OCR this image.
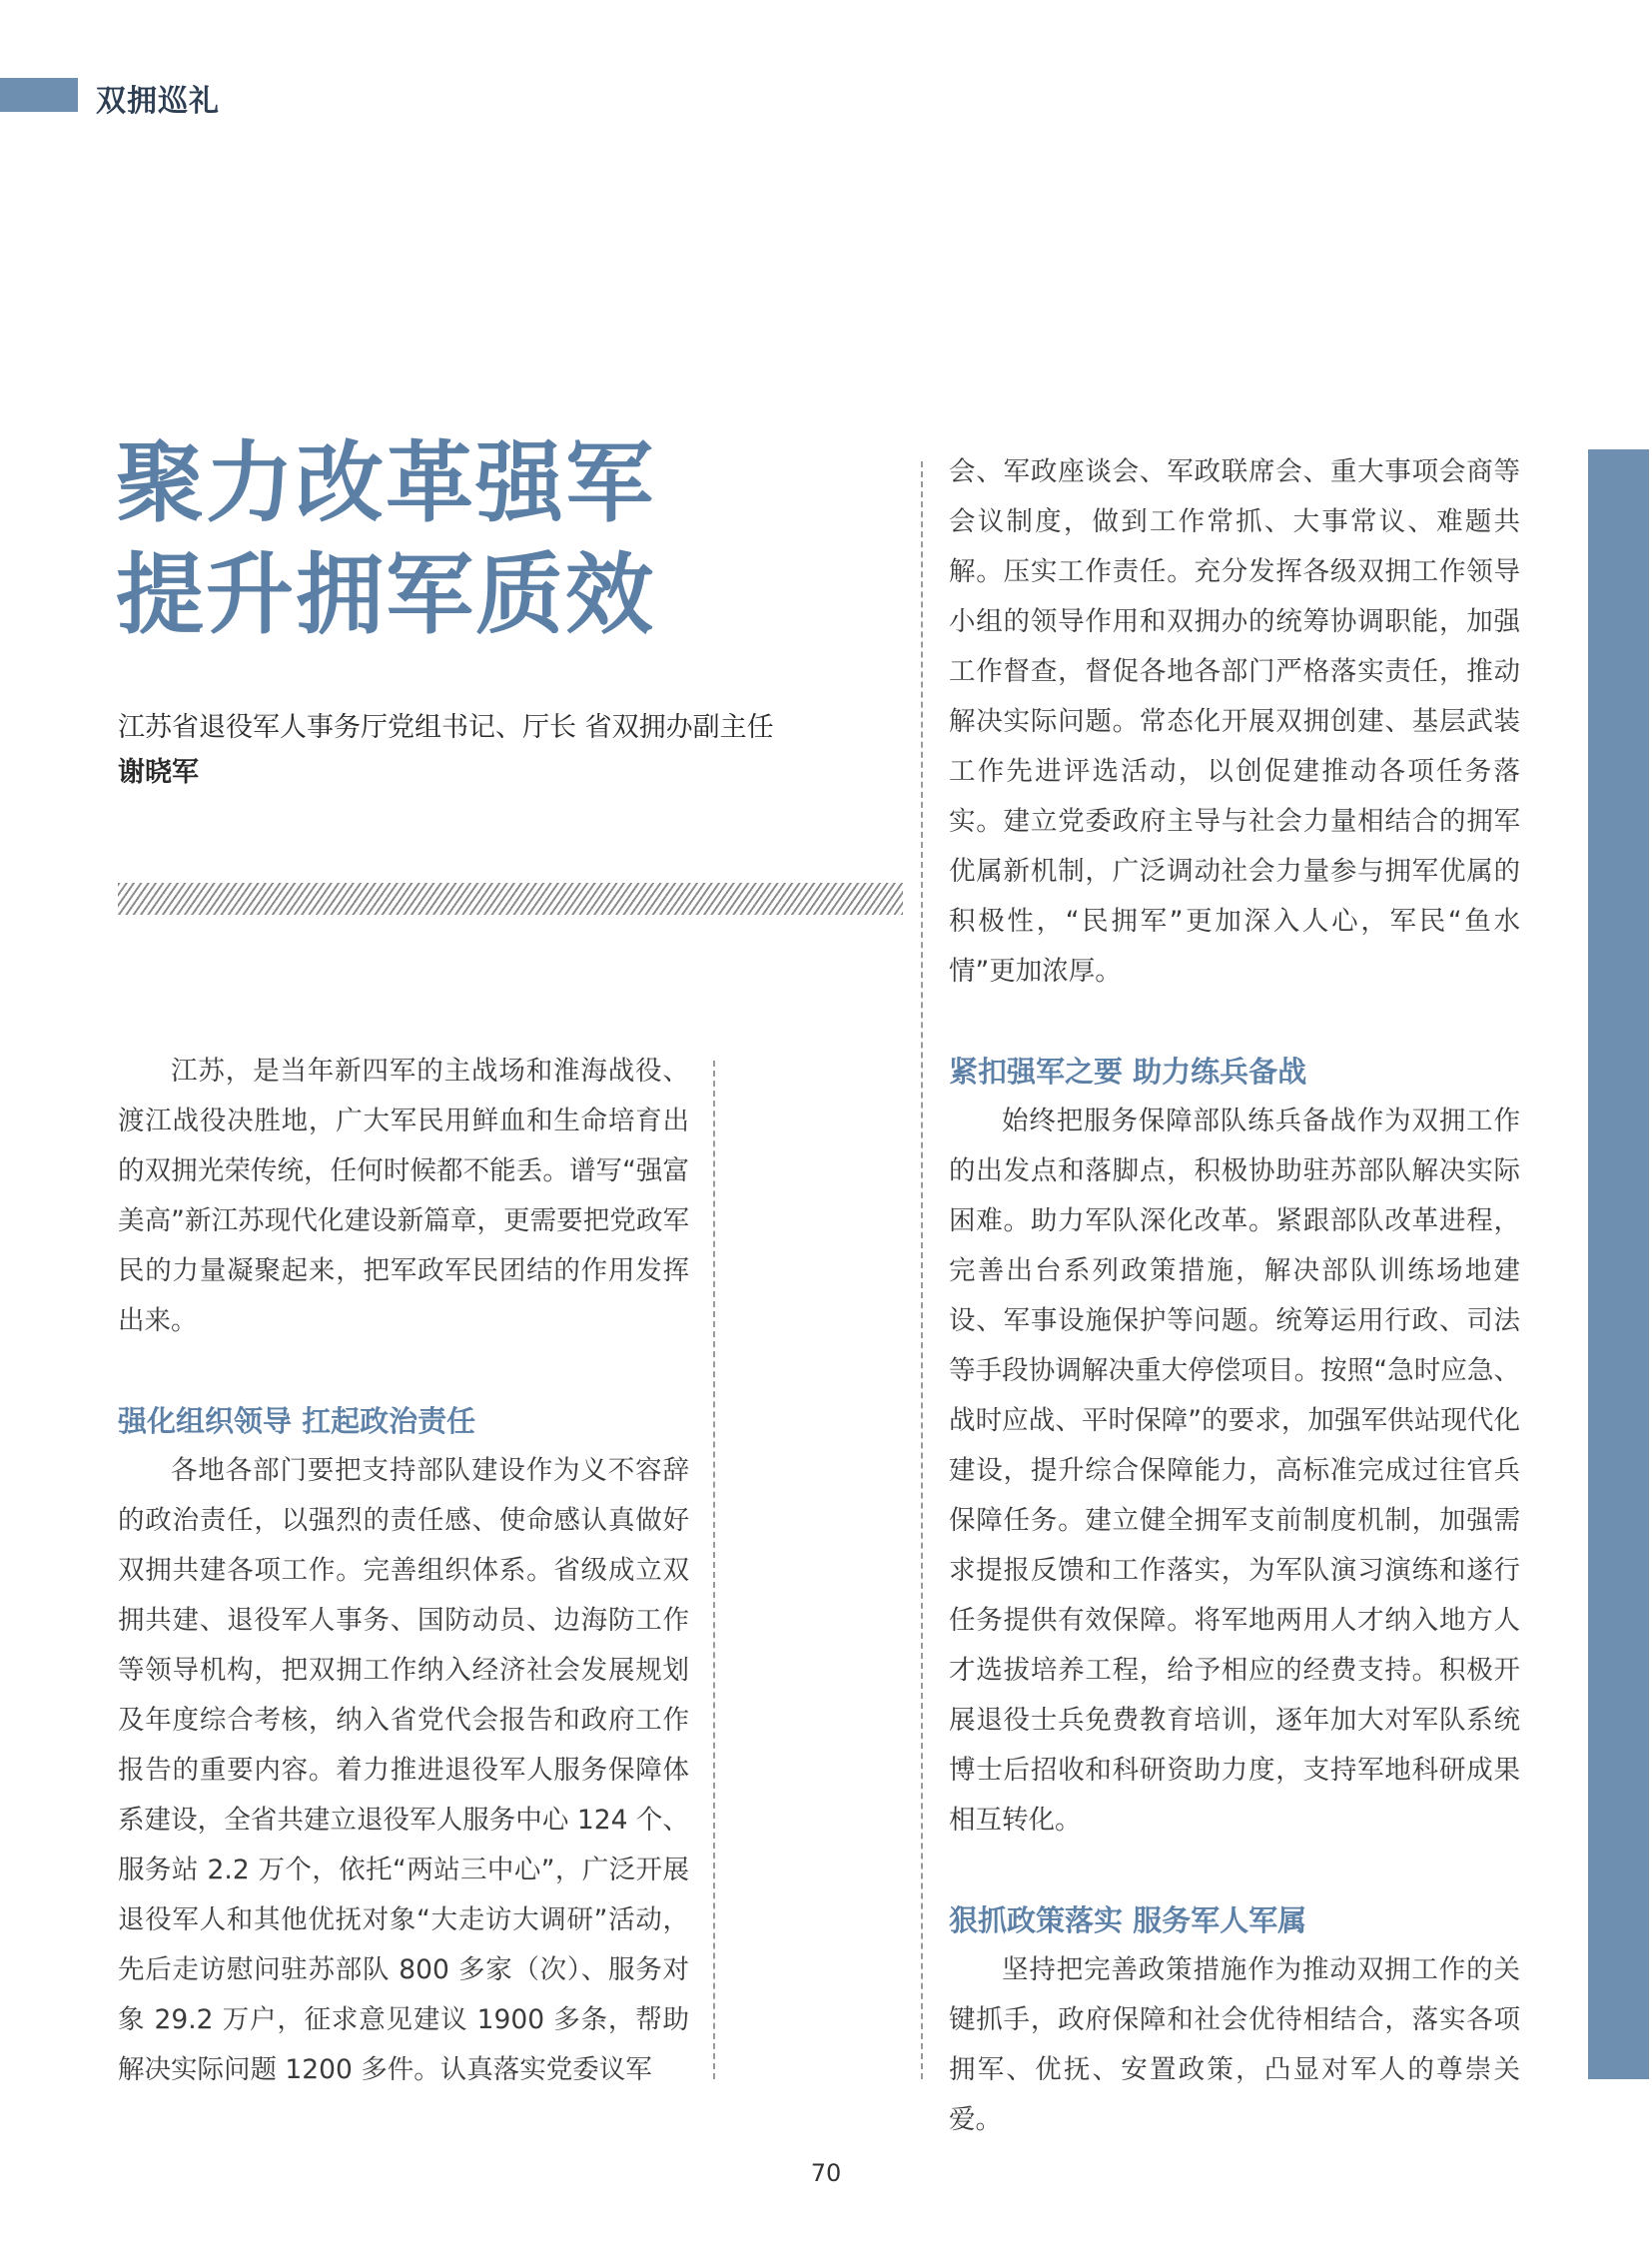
双拥巡礼
聚力改革强军
提升拥军质效
江苏省退役军人事务厅党组书记、厅长 省双拥办副主任
谢晓军

江苏，是当年新四军的主战场和淮海战役、渡江战役决胜地，广大军民用鲜血和生命培育出的双拥光荣传统，任何时候都不能丢。谱写“强富美高”新江苏现代化建设新篇章，更需要把党政军民的力量凝聚起来，把军政军民团结的作用发挥出来。

强化组织领导 扛起政治责任

各地各部门要把支持部队建设作为义不容辞的政治责任，以强烈的责任感、使命感认真做好双拥共建各项工作。完善组织体系。省级成立双拥共建、退役军人事务、国防动员、边海防工作等领导机构，把双拥工作纳入经济社会发展规划及年度综合考核，纳入省党代会报告和政府工作报告的重要内容。着力推进退役军人服务保障体系建设，全省共建立退役军人服务中心 124 个、服务站 2.2 万个，依托“两站三中心”，广泛开展退役军人和其他优抚对象“大走访大调研”活动，先后走访慰问驻苏部队 800 多家（次）、服务对象 29.2 万户，征求意见建议 1900 多条，帮助解决实际问题 1200 多件。认真落实党委议军

会、军政座谈会、军政联席会、重大事项会商等会议制度，做到工作常抓、大事常议、难题共解。压实工作责任。充分发挥各级双拥工作领导小组的领导作用和双拥办的统筹协调职能，加强工作督查，督促各地各部门严格落实责任，推动解决实际问题。常态化开展双拥创建、基层武装工作先进评选活动，以创促建推动各项任务落实。建立党委政府主导与社会力量相结合的拥军优属新机制，广泛调动社会力量参与拥军优属的积极性，“民拥军”更加深入人心，军民“鱼水情”更加浓厚。

紧扣强军之要 助力练兵备战

始终把服务保障部队练兵备战作为双拥工作的出发点和落脚点，积极协助驻苏部队解决实际困难。助力军队深化改革。紧跟部队改革进程，完善出台系列政策措施，解决部队训练场地建设、军事设施保护等问题。统筹运用行政、司法等手段协调解决重大停偿项目。按照“急时应急、战时应战、平时保障”的要求，加强军供站现代化建设，提升综合保障能力，高标准完成过往官兵保障任务。建立健全拥军支前制度机制，加强需求提报反馈和工作落实，为军队演习演练和遂行任务提供有效保障。将军地两用人才纳入地方人才选拔培养工程，给予相应的经费支持。积极开展退役士兵免费教育培训，逐年加大对军队系统博士后招收和科研资助力度，支持军地科研成果相互转化。

狠抓政策落实 服务军人军属

坚持把完善政策措施作为推动双拥工作的关键抓手，政府保障和社会优待相结合，落实各项拥军、优抚、安置政策，凸显对军人的尊崇关爱。

70
